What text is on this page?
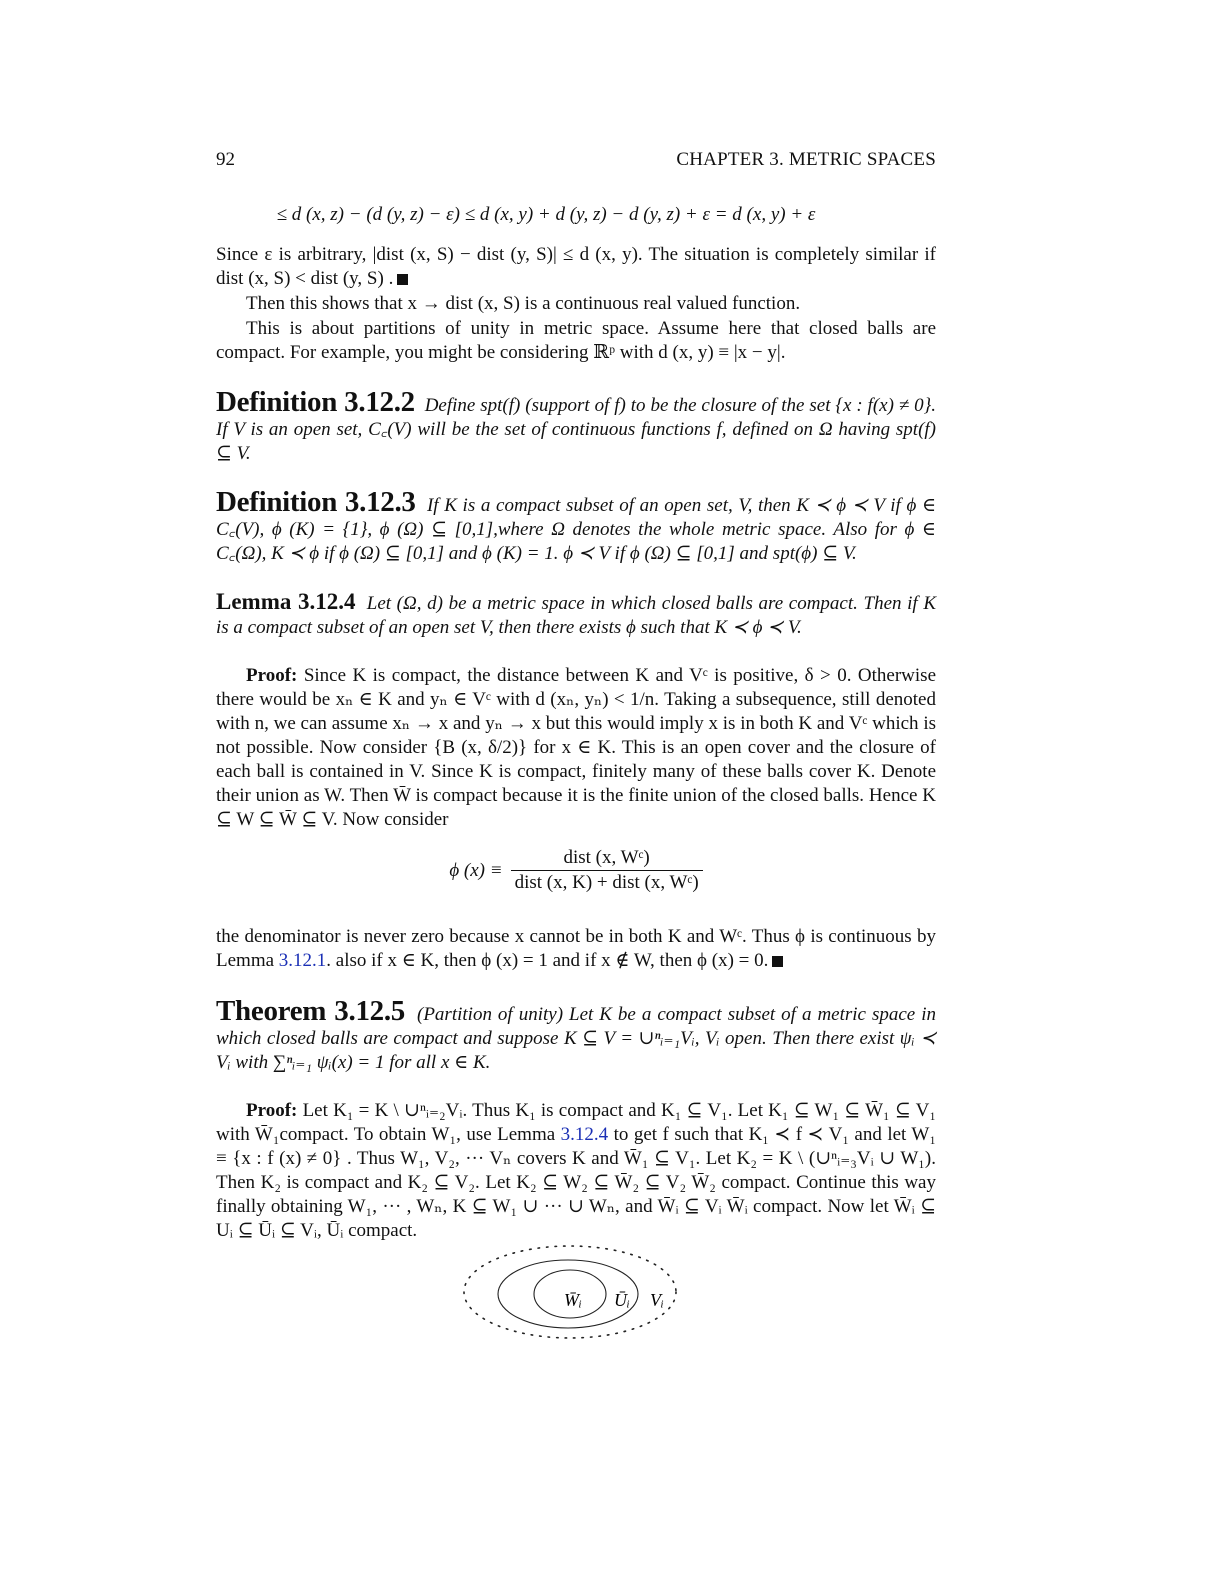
92	CHAPTER 3. METRIC SPACES

≤ d (x, z) − (d (y, z) − ε) ≤ d (x, y) + d (y, z) − d (y, z) + ε = d (x, y) + ε

Since ε is arbitrary, |dist (x, S) − dist (y, S)| ≤ d (x, y). The situation is completely similar if dist (x, S) < dist (y, S) .

Then this shows that x → dist (x, S) is a continuous real valued function.

This is about partitions of unity in metric space. Assume here that closed balls are compact. For example, you might be considering ℝᵖ with d (x, y) ≡ |x − y|.

Definition 3.12.2 Define spt(f) (support of f) to be the closure of the set {x : f(x) ≠ 0}. If V is an open set, C꜀(V) will be the set of continuous functions f, defined on Ω having spt(f) ⊆ V.

Definition 3.12.3 If K is a compact subset of an open set, V, then K ≺ ϕ ≺ V if ϕ ∈ C꜀(V), ϕ (K) = {1}, ϕ (Ω) ⊆ [0,1],where Ω denotes the whole metric space. Also for ϕ ∈ C꜀(Ω), K ≺ ϕ if ϕ (Ω) ⊆ [0,1] and ϕ (K) = 1. ϕ ≺ V if ϕ (Ω) ⊆ [0,1] and spt(ϕ) ⊆ V.

Lemma 3.12.4 Let (Ω, d) be a metric space in which closed balls are compact. Then if K is a compact subset of an open set V, then there exists ϕ such that K ≺ ϕ ≺ V.

Proof: Since K is compact, the distance between K and Vᶜ is positive, δ > 0. Otherwise there would be xₙ ∈ K and yₙ ∈ Vᶜ with d (xₙ, yₙ) < 1/n. Taking a subsequence, still denoted with n, we can assume xₙ → x and yₙ → x but this would imply x is in both K and Vᶜ which is not possible. Now consider {B (x, δ/2)} for x ∈ K. This is an open cover and the closure of each ball is contained in V. Since K is compact, finitely many of these balls cover K. Denote their union as W. Then W̄ is compact because it is the finite union of the closed balls. Hence K ⊆ W ⊆ W̄ ⊆ V. Now consider

ϕ $(x) \equiv \frac{\text{dist (x, Wᶜ)}}{\text{dist (x, K) + dist (x, Wᶜ)}}$

the denominator is never zero because x cannot be in both K and Wᶜ. Thus ϕ is continuous by Lemma 3.12.1. also if x ∈ K, then ϕ (x) = 1 and if x ∉ W, then ϕ (x) = 0.

Theorem 3.12.5 (Partition of unity) Let K be a compact subset of a metric space in which closed balls are compact and suppose K ⊆ V = ∪ⁿᵢ₌₁Vᵢ, Vᵢ open. Then there exist ψᵢ ≺ Vᵢ with ∑ⁿᵢ₌₁ ψᵢ(x) = 1 for all x ∈ K.

Proof: Let K₁ = K \ ∪ⁿᵢ₌₂Vᵢ. Thus K₁ is compact and K₁ ⊆ V₁. Let K₁ ⊆ W₁ ⊆ W̄₁ ⊆ V₁ with W̄₁compact. To obtain W₁, use Lemma 3.12.4 to get f such that K₁ ≺ f ≺ V₁ and let W₁ ≡ {x : f (x) ≠ 0} . Thus W₁, V₂, ··· Vₙ covers K and W̄₁ ⊆ V₁. Let K₂ = K \ (∪ⁿᵢ₌₃Vᵢ ∪ W₁). Then K₂ is compact and K₂ ⊆ V₂. Let K₂ ⊆ W₂ ⊆ W̄₂ ⊆ V₂ W̄₂ compact. Continue this way finally obtaining W₁, ··· , Wₙ, K ⊆ W₁ ∪ ··· ∪ Wₙ, and W̄ᵢ ⊆ Vᵢ W̄ᵢ compact. Now let W̄ᵢ ⊆ Uᵢ ⊆ Ūᵢ ⊆ Vᵢ, Ūᵢ compact.

W̄ᵢ Ūᵢ Vᵢ
